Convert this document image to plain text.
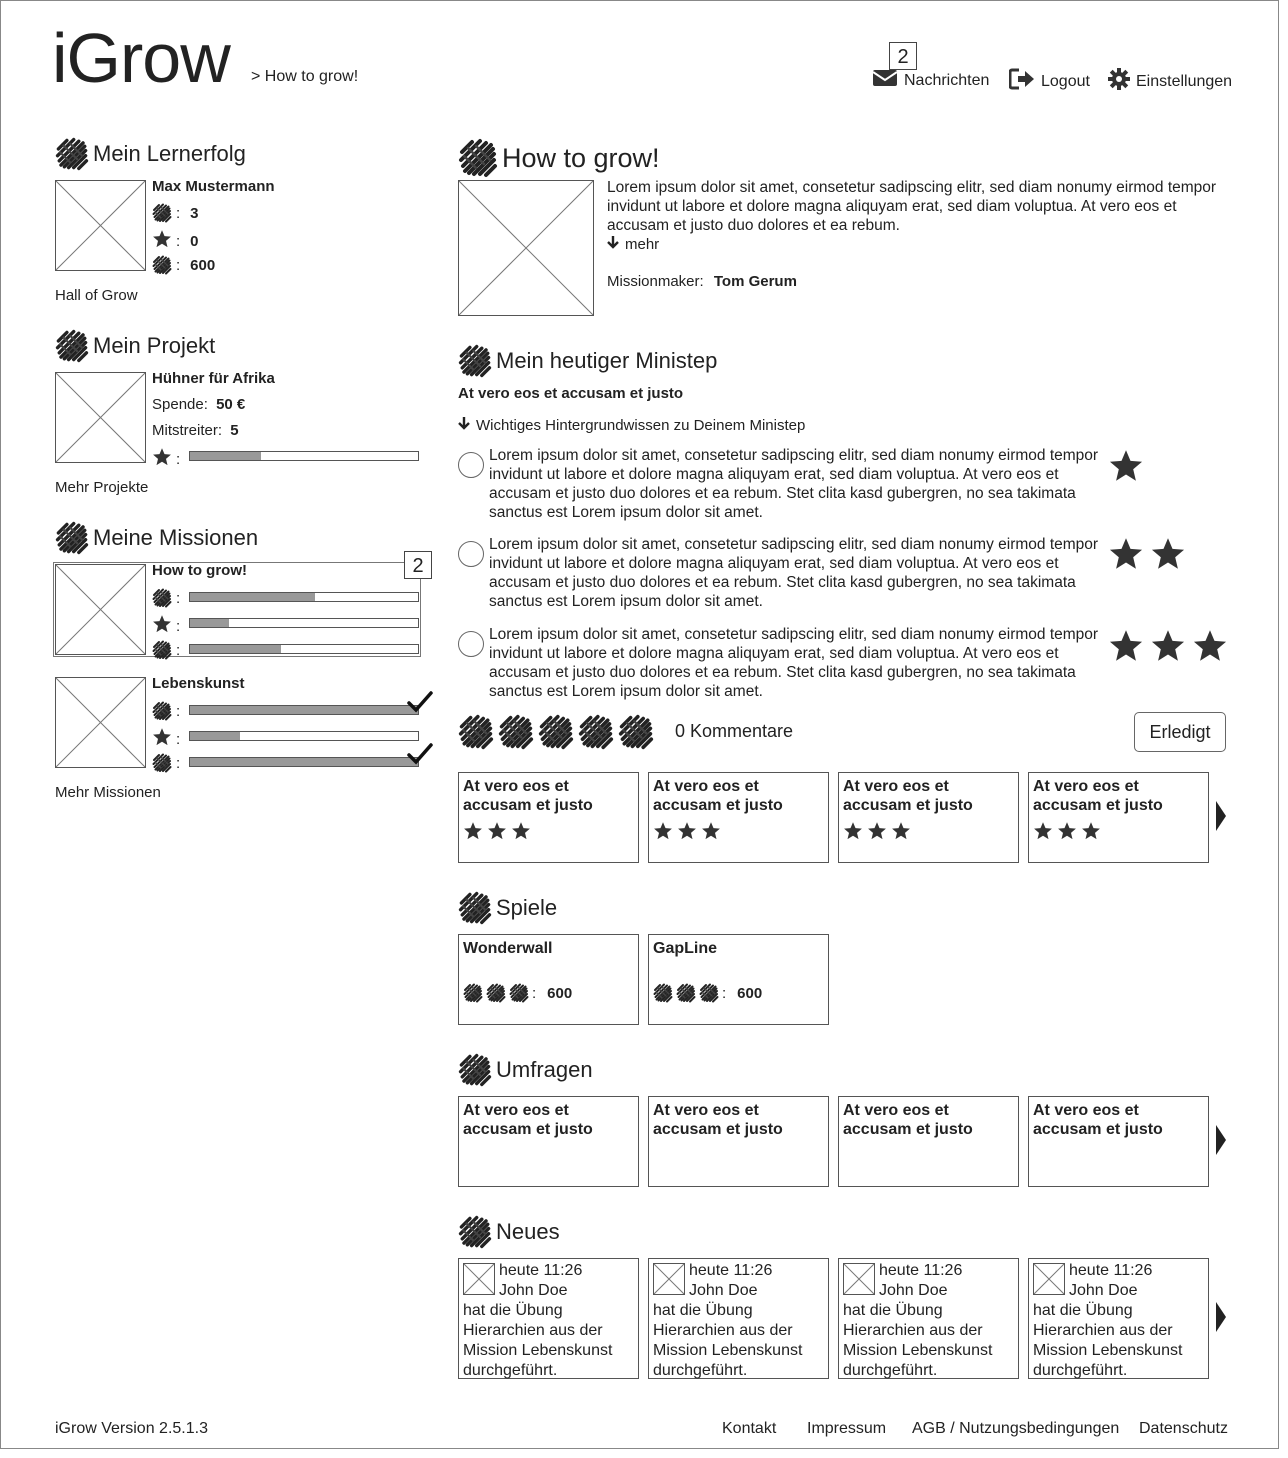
iGrow > How to grow!	Nachrichten
2
Logout	Einstellungen
Mein Lernerfolg
Max Mustermann
: 3
: 0
: 600
Hall of Grow
Mein Projekt
Hühner für Afrika
Spende: 50 €
Mitstreiter: 5
:
Mehr Projekte
Meine Missionen
How to grow!	2
:
:
:
Lebenskunst
:
:
:
Mehr Missionen
How to grow!
Lorem ipsum dolor sit amet, consetetur sadipscing elitr, sed diam nonumy eirmod tempor invidunt ut labore et dolore magna aliquyam erat, sed diam voluptua. At vero eos et accusam et justo duo dolores et ea rebum.
mehr
Missionmaker: Tom Gerum
Mein heutiger Ministep
At vero eos et accusam et justo
Wichtiges Hintergrundwissen zu Deinem Ministep
Lorem ipsum dolor sit amet, consetetur sadipscing elitr, sed diam nonumy eirmod tempor invidunt ut labore et dolore magna aliquyam erat, sed diam voluptua. At vero eos et accusam et justo duo dolores et ea rebum. Stet clita kasd gubergren, no sea takimata sanctus est Lorem ipsum dolor sit amet.
Lorem ipsum dolor sit amet, consetetur sadipscing elitr, sed diam nonumy eirmod tempor invidunt ut labore et dolore magna aliquyam erat, sed diam voluptua. At vero eos et accusam et justo duo dolores et ea rebum. Stet clita kasd gubergren, no sea takimata sanctus est Lorem ipsum dolor sit amet.
Lorem ipsum dolor sit amet, consetetur sadipscing elitr, sed diam nonumy eirmod tempor invidunt ut labore et dolore magna aliquyam erat, sed diam voluptua. At vero eos et accusam et justo duo dolores et ea rebum. Stet clita kasd gubergren, no sea takimata sanctus est Lorem ipsum dolor sit amet.
0 Kommentare	Erledigt
At vero eos et accusam et justo
At vero eos et accusam et justo
At vero eos et accusam et justo
At vero eos et accusam et justo
Spiele
Wonderwall
: 600
GapLine
: 600
Umfragen
At vero eos et accusam et justo
At vero eos et accusam et justo
At vero eos et accusam et justo
At vero eos et accusam et justo
Neues
heute 11:26
John Doe
hat die Übung Hierarchien aus der Mission Lebenskunst durchgeführt.
heute 11:26
John Doe
hat die Übung Hierarchien aus der Mission Lebenskunst durchgeführt.
heute 11:26
John Doe
hat die Übung Hierarchien aus der Mission Lebenskunst durchgeführt.
heute 11:26
John Doe
hat die Übung Hierarchien aus der Mission Lebenskunst durchgeführt.
iGrow Version 2.5.1.3	Kontakt Impressum AGB / Nutzungsbedingungen Datenschutz
